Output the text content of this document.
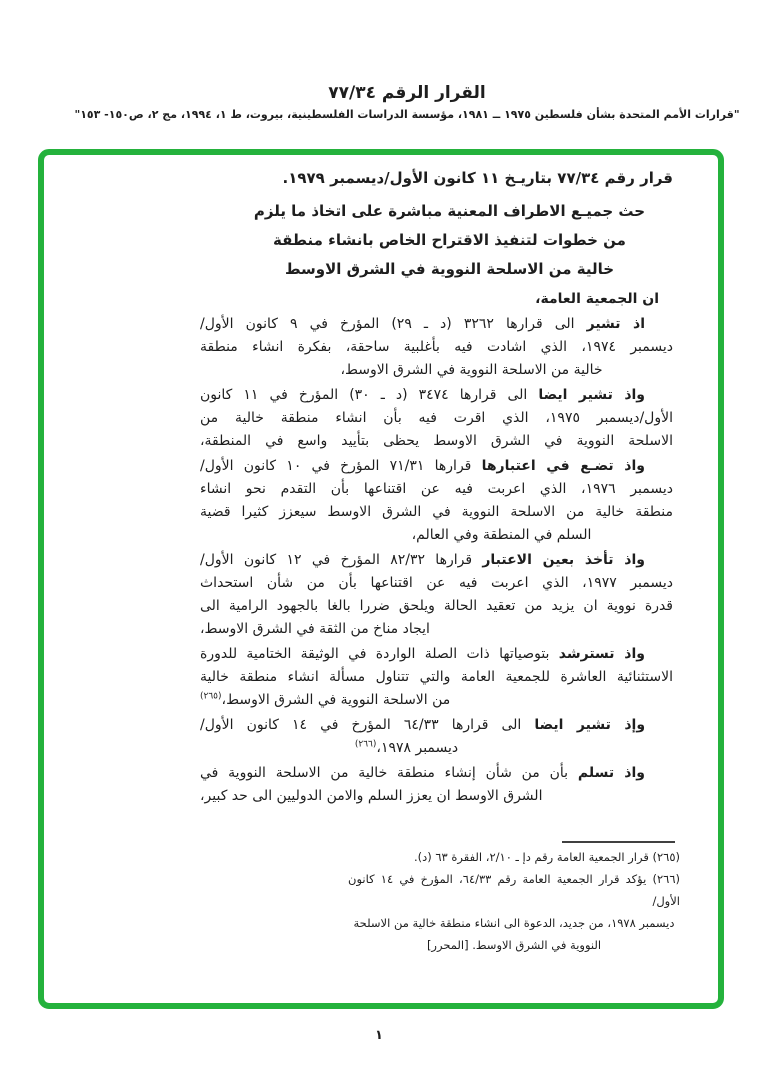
القرار الرقم ٧٧/٣٤
"قرارات الأمم المتحدة بشأن فلسطين ١٩٧٥ ــ ١٩٨١، مؤسسة الدراسات الفلسطينية، بيروت، ط ١، ١٩٩٤، مج ٢، ص١٥٠- ١٥٣"
قرار رقم ٧٧/٣٤ بتاريـخ ١١ كانون الأول/ديسمبر ١٩٧٩.
حث جميـع الاطراف المعنية مباشرة على اتخاذ ما يلزم
من خطوات لتنفيذ الاقتراح الخاص بانشاء منطقة
خالية من الاسلحة النووية في الشرق الاوسط
ان الجمعية العامة،
اذ تشير الى قرارها ٣٢٦٢ (د ـ ٢٩) المؤرخ في ٩ كانون الأول/
ديسمبر ١٩٧٤، الذي اشادت فيه بأغلبية ساحقة، بفكرة انشاء منطقة
خالية من الاسلحة النووية في الشرق الاوسط،
واذ تشير ايضا الى قرارها ٣٤٧٤ (د ـ ٣٠) المؤرخ في ١١ كانون
الأول/ديسمبر ١٩٧٥، الذي اقرت فيه بأن انشاء منطقة خالية من
الاسلحة النووية في الشرق الاوسط يحظى بتأييد واسع في المنطقة،
واذ تضـع في اعتبارها قرارها ٧١/٣١ المؤرخ في ١٠ كانون الأول/
ديسمبر ١٩٧٦، الذي اعربت فيه عن اقتناعها بأن التقدم نحو انشاء
منطقة خالية من الاسلحة النووية في الشرق الاوسط سيعزز كثيرا قضية
السلم في المنطقة وفي العالم،
واذ تأخذ بعين الاعتبار قرارها ٨٢/٣٢ المؤرخ في ١٢ كانون الأول/
ديسمبر ١٩٧٧، الذي اعربت فيه عن اقتناعها بأن من شأن استحداث
قدرة نووية ان يزيد من تعقيد الحالة ويلحق ضررا بالغا بالجهود الرامية الى
ايجاد مناخ من الثقة في الشرق الاوسط،
واذ تسترشد بتوصياتها ذات الصلة الواردة في الوثيقة الختامية للدورة
الاستثنائية العاشرة للجمعية العامة والتي تتناول مسألة انشاء منطقة خالية
من الاسلحة النووية في الشرق الاوسط،$^{(٢٦٥)}$
وإذ تشير ايضا الى قرارها ٦٤/٣٣ المؤرخ في ١٤ كانون الأول/
ديسمبر ١٩٧٨،$^{(٢٦٦)}$
واذ تسلم بأن من شأن إنشاء منطقة خالية من الاسلحة النووية في
الشرق الاوسط ان يعزز السلم والامن الدوليين الى حد كبير،
(٢٦٥) قرار الجمعية العامة رقم دإ ـ ٢/١٠، الفقرة ٦٣ (د).
(٢٦٦) يؤكد قرار الجمعية العامة رقم ٦٤/٣٣، المؤرخ في ١٤ كانون الأول/
ديسمبر ١٩٧٨، من جديد، الدعوة الى انشاء منطقة خالية من الاسلحة
النووية في الشرق الاوسط. [المحرر]
١
